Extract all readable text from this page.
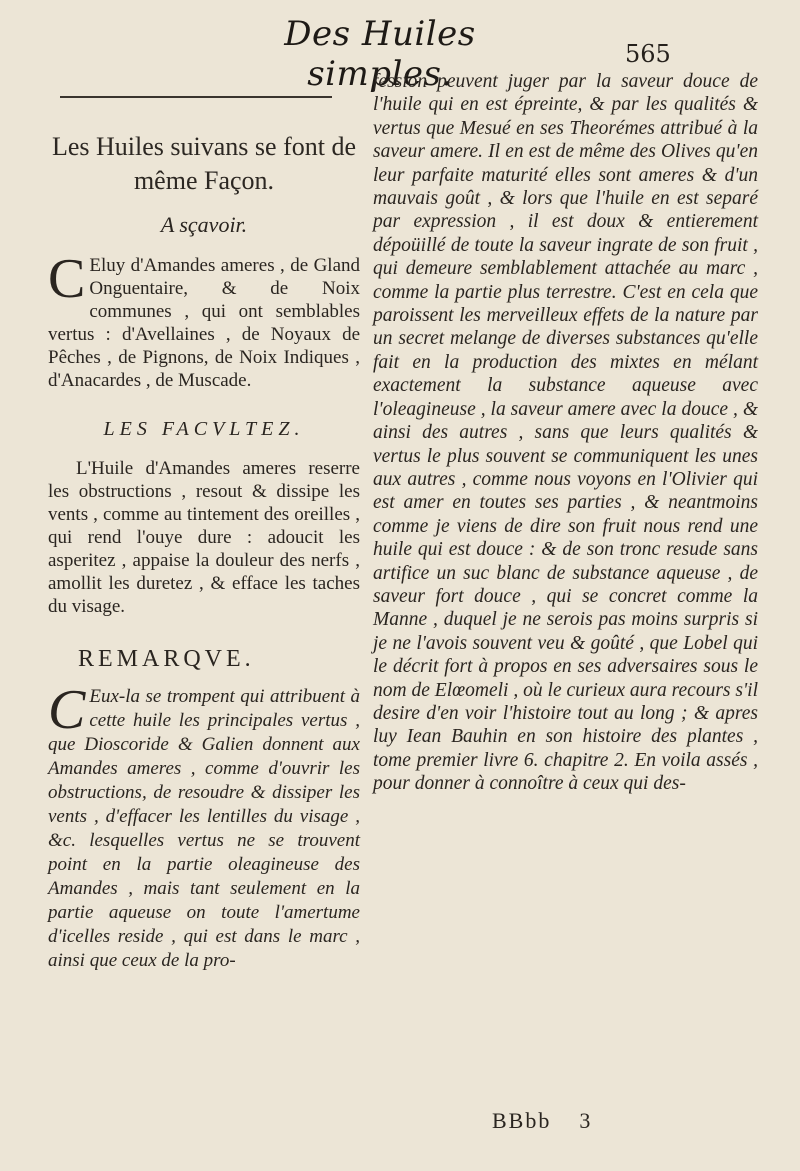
Des Huiles simples.	565
Les Huiles suivans se font de même Façon.
A sçavoir.

C Eluy d'Amandes ameres , de Gland Onguentaire, & de Noix communes , qui ont semblables vertus : d'Avellaines , de Noyaux de Pêches , de Pignons, de Noix Indiques , d'Anacardes , de Muscade.

LES FACVLTEZ.

L'Huile d'Amandes ameres reserre les obstructions , resout & dissipe les vents , comme au tintement des oreilles , qui rend l'ouye dure : adoucit les asperitez , appaise la douleur des nerfs , amollit les duretez , & efface les taches du visage.

REMARQVE.

C Eux-la se trompent qui attribuent à cette huile les principales vertus , que Dioscoride & Galien donnent aux Amandes ameres , comme d'ouvrir les obstructions, de resoudre & dissiper les vents , d'effacer les lentilles du visage , &c. lesquelles vertus ne se trouvent point en la partie oleagineuse des Amandes , mais tant seulement en la partie aqueuse on toute l'amertume d'icelles reside , qui est dans le marc , ainsi que ceux de la pro-

fession peuvent juger par la saveur douce de l'huile qui en est épreinte, & par les qualités & vertus que Mesué en ses Theorémes attribué à la saveur amere. Il en est de même des Olives qu'en leur parfaite maturité elles sont ameres & d'un mauvais goût , & lors que l'huile en est separé par expression , il est doux & entierement dépoüillé de toute la saveur ingrate de son fruit , qui demeure semblablement attachée au marc , comme la partie plus terrestre. C'est en cela que paroissent les merveilleux effets de la nature par un secret melange de diverses substances qu'elle fait en la production des mixtes en mélant exactement la substance aqueuse avec l'oleagineuse , la saveur amere avec la douce , & ainsi des autres , sans que leurs qualités & vertus le plus souvent se communiquent les unes aux autres , comme nous voyons en l'Olivier qui est amer en toutes ses parties , & neantmoins comme je viens de dire son fruit nous rend une huile qui est douce : & de son tronc resude sans artifice un suc blanc de substance aqueuse , de saveur fort douce , qui se concret comme la Manne , duquel je ne serois pas moins surpris si je ne l'avois souvent veu & goûté , que Lobel qui le décrit fort à propos en ses adversaires sous le nom de Elœomeli , où le curieux aura recours s'il desire d'en voir l'histoire tout au long ; & apres luy Iean Bauhin en son histoire des plantes , tome premier livre 6. chapitre 2. En voila assés , pour donner à connoître à ceux qui des-

BBbb 3
